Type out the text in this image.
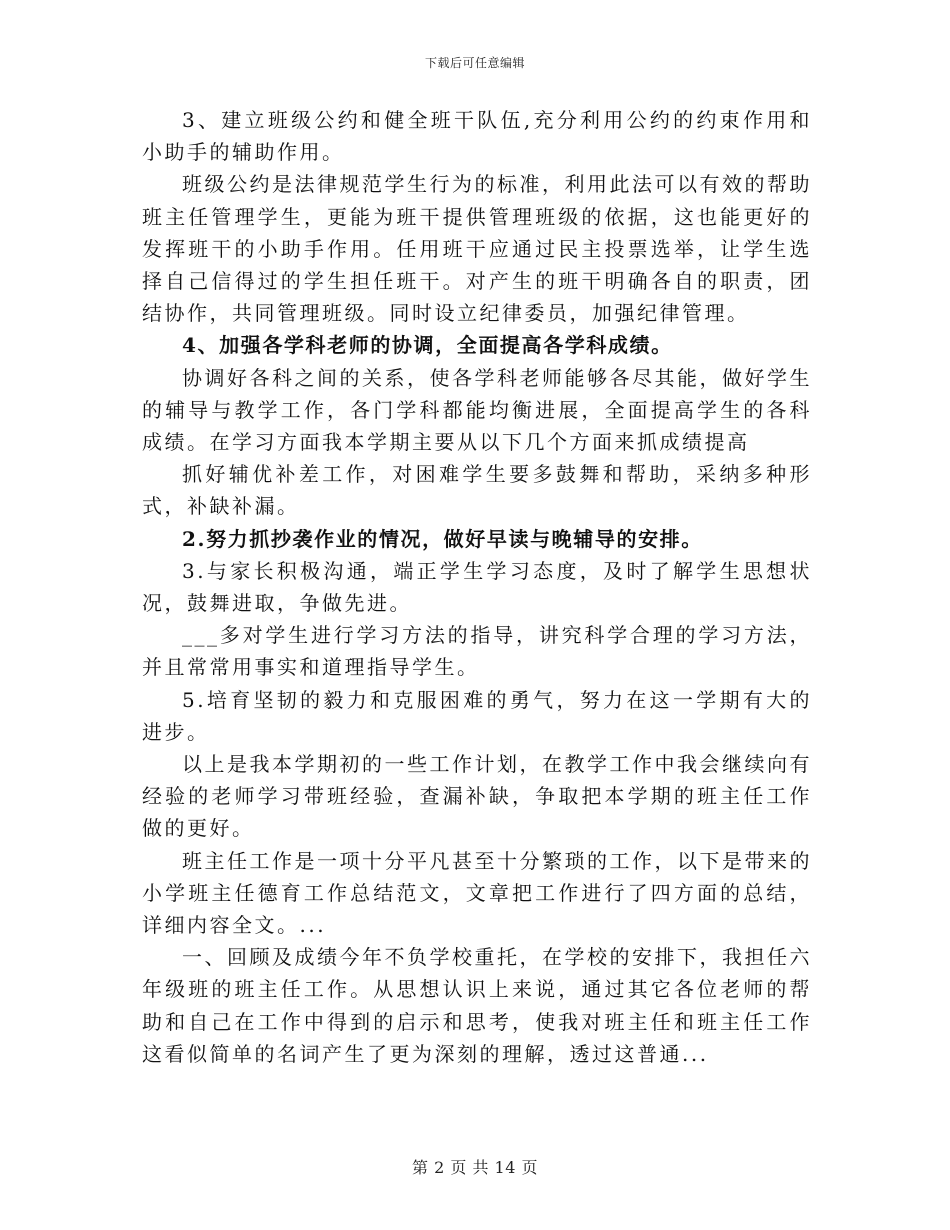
下载后可任意编辑

3、建立班级公约和健全班干队伍,充分利用公约的约束作用和小助手的辅助作用。

班级公约是法律规范学生行为的标准，利用此法可以有效的帮助班主任管理学生，更能为班干提供管理班级的依据，这也能更好的发挥班干的小助手作用。任用班干应通过民主投票选举，让学生选择自己信得过的学生担任班干。对产生的班干明确各自的职责，团结协作，共同管理班级。同时设立纪律委员，加强纪律管理。

4、加强各学科老师的协调，全面提高各学科成绩。

协调好各科之间的关系，使各学科老师能够各尽其能，做好学生的辅导与教学工作，各门学科都能均衡进展，全面提高学生的各科成绩。在学习方面我本学期主要从以下几个方面来抓成绩提高

抓好辅优补差工作，对困难学生要多鼓舞和帮助，采纳多种形式，补缺补漏。

2.努力抓抄袭作业的情况，做好早读与晚辅导的安排。

3.与家长积极沟通，端正学生学习态度，及时了解学生思想状况，鼓舞进取，争做先进。

___多对学生进行学习方法的指导，讲究科学合理的学习方法，并且常常用事实和道理指导学生。

5.培育坚韧的毅力和克服困难的勇气，努力在这一学期有大的进步。

以上是我本学期初的一些工作计划，在教学工作中我会继续向有经验的老师学习带班经验，查漏补缺，争取把本学期的班主任工作做的更好。

班主任工作是一项十分平凡甚至十分繁琐的工作，以下是带来的小学班主任德育工作总结范文，文章把工作进行了四方面的总结，详细内容全文。...

一、回顾及成绩今年不负学校重托，在学校的安排下，我担任六年级班的班主任工作。从思想认识上来说，通过其它各位老师的帮助和自己在工作中得到的启示和思考，使我对班主任和班主任工作这看似简单的名词产生了更为深刻的理解，透过这普通...

第 2 页 共 14 页
